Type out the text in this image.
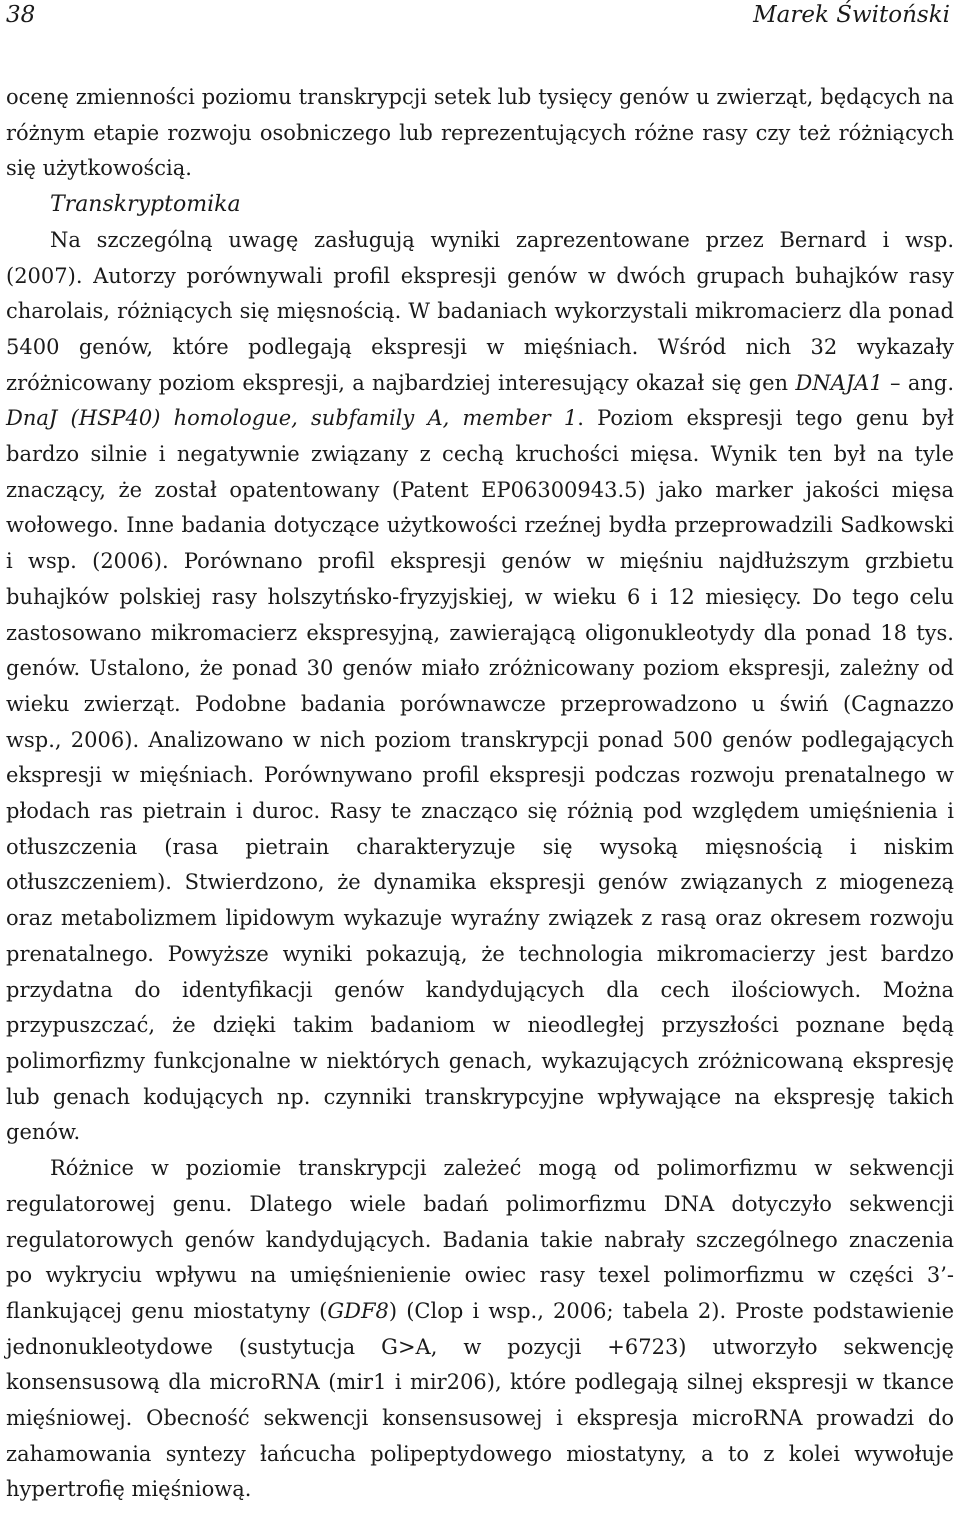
38	Marek Świtoński

ocenę zmienności poziomu transkrypcji setek lub tysięcy genów u zwierząt, będących na różnym etapie rozwoju osobniczego lub reprezentujących różne rasy czy też różniących się użytkowością.

Transkryptomika

Na szczególną uwagę zasługują wyniki zaprezentowane przez Bernard i wsp. (2007). Autorzy porównywali profil ekspresji genów w dwóch grupach buhajków rasy charolais, różniących się mięsnością. W badaniach wykorzystali mikromacierz dla ponad 5400 genów, które podlegają ekspresji w mięśniach. Wśród nich 32 wykazały zróżnicowany poziom ekspresji, a najbardziej interesujący okazał się gen DNAJA1 – ang. DnaJ (HSP40) homologue, subfamily A, member 1. Poziom ekspresji tego genu był bardzo silnie i negatywnie związany z cechą kruchości mięsa. Wynik ten był na tyle znaczący, że został opatentowany (Patent EP06300943.5) jako marker jakości mięsa wołowego. Inne badania dotyczące użytkowości rzeźnej bydła przeprowadzili Sadkowski i wsp. (2006). Porównano profil ekspresji genów w mięśniu najdłuższym grzbietu buhajków polskiej rasy holszytńsko-fryzyjskiej, w wieku 6 i 12 miesięcy. Do tego celu zastosowano mikromacierz ekspresyjną, zawierającą oligonukleotydy dla ponad 18 tys. genów. Ustalono, że ponad 30 genów miało zróżnicowany poziom ekspresji, zależny od wieku zwierząt. Podobne badania porównawcze przeprowadzono u świń (Cagnazzo wsp., 2006). Analizowano w nich poziom transkrypcji ponad 500 genów podlegających ekspresji w mięśniach. Porównywano profil ekspresji podczas rozwoju prenatalnego w płodach ras pietrain i duroc. Rasy te znacząco się różnią pod względem umięśnienia i otłuszczenia (rasa pietrain charakteryzuje się wysoką mięsnością i niskim otłuszczeniem). Stwierdzono, że dynamika ekspresji genów związanych z miogenezą oraz metabolizmem lipidowym wykazuje wyraźny związek z rasą oraz okresem rozwoju prenatalnego. Powyższe wyniki pokazują, że technologia mikromacierzy jest bardzo przydatna do identyfikacji genów kandydujących dla cech ilościowych. Można przypuszczać, że dzięki takim badaniom w nieodległej przyszłości poznane będą polimorfizmy funkcjonalne w niektórych genach, wykazujących zróżnicowaną ekspresję lub genach kodujących np. czynniki transkrypcyjne wpływające na ekspresję takich genów.

Różnice w poziomie transkrypcji zależeć mogą od polimorfizmu w sekwencji regulatorowej genu. Dlatego wiele badań polimorfizmu DNA dotyczyło sekwencji regulatorowych genów kandydujących. Badania takie nabrały szczególnego znaczenia po wykryciu wpływu na umięśnienienie owiec rasy texel polimorfizmu w części 3’-flankującej genu miostatyny (GDF8) (Clop i wsp., 2006; tabela 2). Proste podstawienie jednonukleotydowe (sustytucja G>A, w pozycji +6723) utworzyło sekwencję konsensusową dla microRNA (mir1 i mir206), które podlegają silnej ekspresji w tkance mięśniowej. Obecność sekwencji konsensusowej i ekspresja microRNA prowadzi do zahamowania syntezy łańcucha polipeptydowego miostatyny, a to z kolei wywołuje hypertrofię mięśniową.
